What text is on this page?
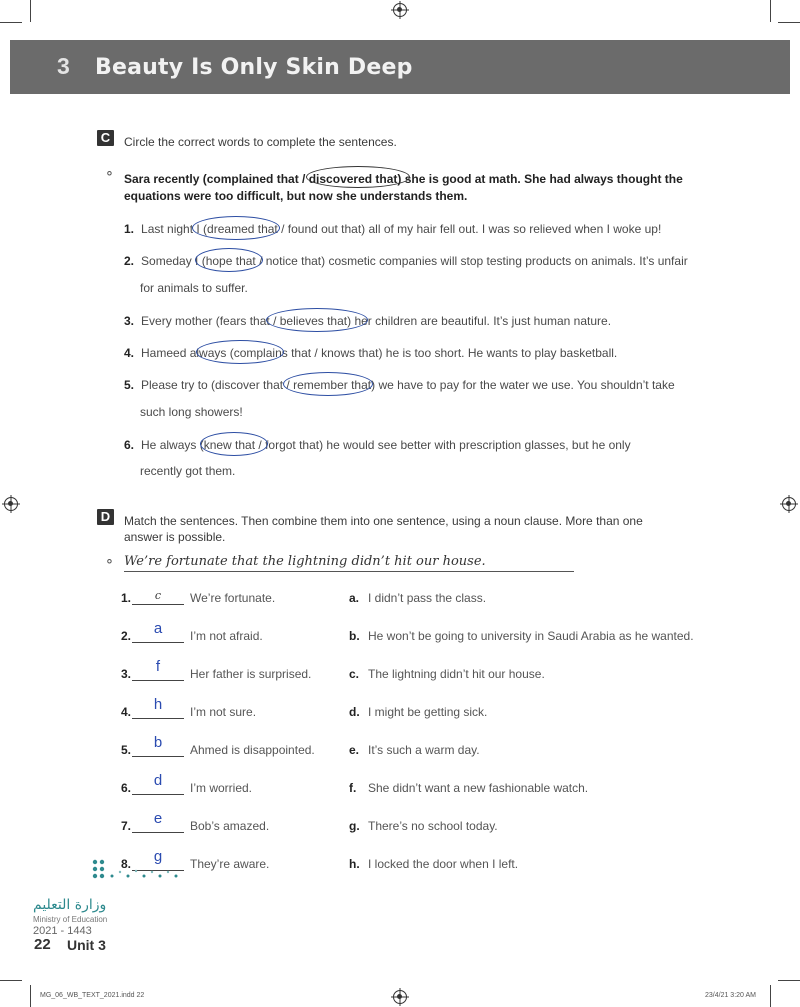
3 Beauty Is Only Skin Deep
C	Circle the correct words to complete the sentences.
⚬ Sara recently (complained that / discovered that) she is good at math. She had always thought the equations were too difficult, but now she understands them.
1. Last night I (dreamed that / found out that) all of my hair fell out. I was so relieved when I woke up!
2. Someday I (hope that / notice that) cosmetic companies will stop testing products on animals. It’s unfair
for animals to suffer.
3. Every mother (fears that / believes that) her children are beautiful. It’s just human nature.
4. Hameed always (complains that / knows that) he is too short. He wants to play basketball.
5. Please try to (discover that / remember that) we have to pay for the water we use. You shouldn’t take
such long showers!
6. He always (knew that / forgot that) he would see better with prescription glasses, but he only
recently got them.
D	Match the sentences. Then combine them into one sentence, using a noun clause. More than one
answer is possible.
⚬ We’re fortunate that the lightning didn’t hit our house.
1.	c	We’re fortunate.	a. I didn’t pass the class.
2.	a	I’m not afraid.	b. He won’t be going to university in Saudi Arabia as he wanted.
3.	f	Her father is surprised.	c. The lightning didn’t hit our house.
4.	h	I’m not sure.	d. I might be getting sick.
5.	b	Ahmed is disappointed.	e. It’s such a warm day.
6.	d	I’m worried.	f. She didn’t want a new fashionable watch.
7.	e	Bob’s amazed.	g. There’s no school today.
8.	g	They’re aware.	h. I locked the door when I left.
وزارة التعليم
Ministry of Education
2021 - 1443
22 Unit 3
MG_06_WB_TEXT_2021.indd 22	23/4/21 3:20 AM
